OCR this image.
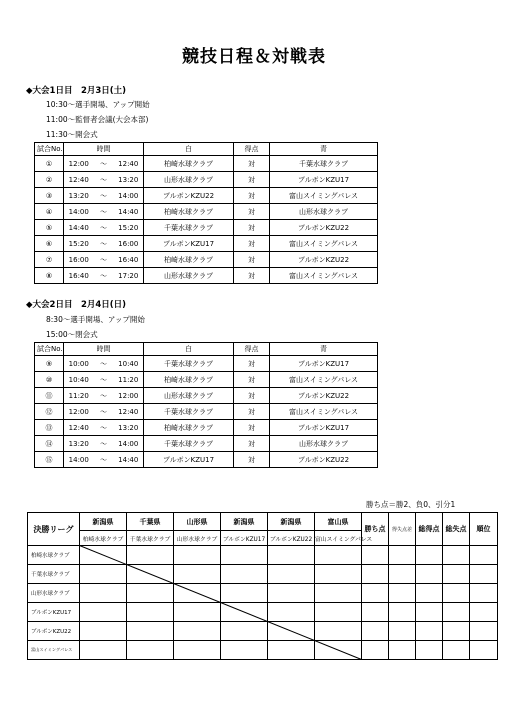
競技日程＆対戦表
◆大会1日目　2月3日(土)
10:30～選手開場、アップ開始
11:00～監督者会議(大会本部)
11:30～開会式
試合No.	時間			白	得点	青
①	12:00	～	12:40	柏崎水球クラブ	対	千葉水球クラブ
②	12:40	～	13:20	山形水球クラブ	対	ブルボンKZU17
③	13:20	～	14:00	ブルボンKZU22	対	富山スイミングパレス
④	14:00	～	14:40	柏崎水球クラブ	対	山形水球クラブ
⑤	14:40	～	15:20	千葉水球クラブ	対	ブルボンKZU22
⑥	15:20	～	16:00	ブルボンKZU17	対	富山スイミングパレス
⑦	16:00	～	16:40	柏崎水球クラブ	対	ブルボンKZU22
⑧	16:40	～	17:20	山形水球クラブ	対	富山スイミングパレス
◆大会2日目　2月4日(日)
8:30～選手開場、アップ開始
15:00～閉会式
試合No.	時間			白	得点	青
⑨	10:00	～	10:40	千葉水球クラブ	対	ブルボンKZU17
⑩	10:40	～	11:20	柏崎水球クラブ	対	富山スイミングパレス
⑪	11:20	～	12:00	山形水球クラブ	対	ブルボンKZU22
⑫	12:00	～	12:40	千葉水球クラブ	対	富山スイミングパレス
⑬	12:40	～	13:20	柏崎水球クラブ	対	ブルボンKZU17
⑭	13:20	～	14:00	千葉水球クラブ	対	山形水球クラブ
⑮	14:00	～	14:40	ブルボンKZU17	対	ブルボンKZU22
勝ち点＝勝2、負0、引分1
決勝リーグ	新潟県	千葉県	山形県	新潟県	新潟県	富山県	勝ち点	得失点差	総得点	総失点	順位
	柏崎水球クラブ	千葉水球クラブ	山形水球クラブ	ブルボンKZU17	ブルボンKZU22	富山スイミングパレス					
柏崎水球クラブ											
千葉水球クラブ											
山形水球クラブ											
ブルボンKZU17											
ブルボンKZU22											
富山スイミングパレス											
